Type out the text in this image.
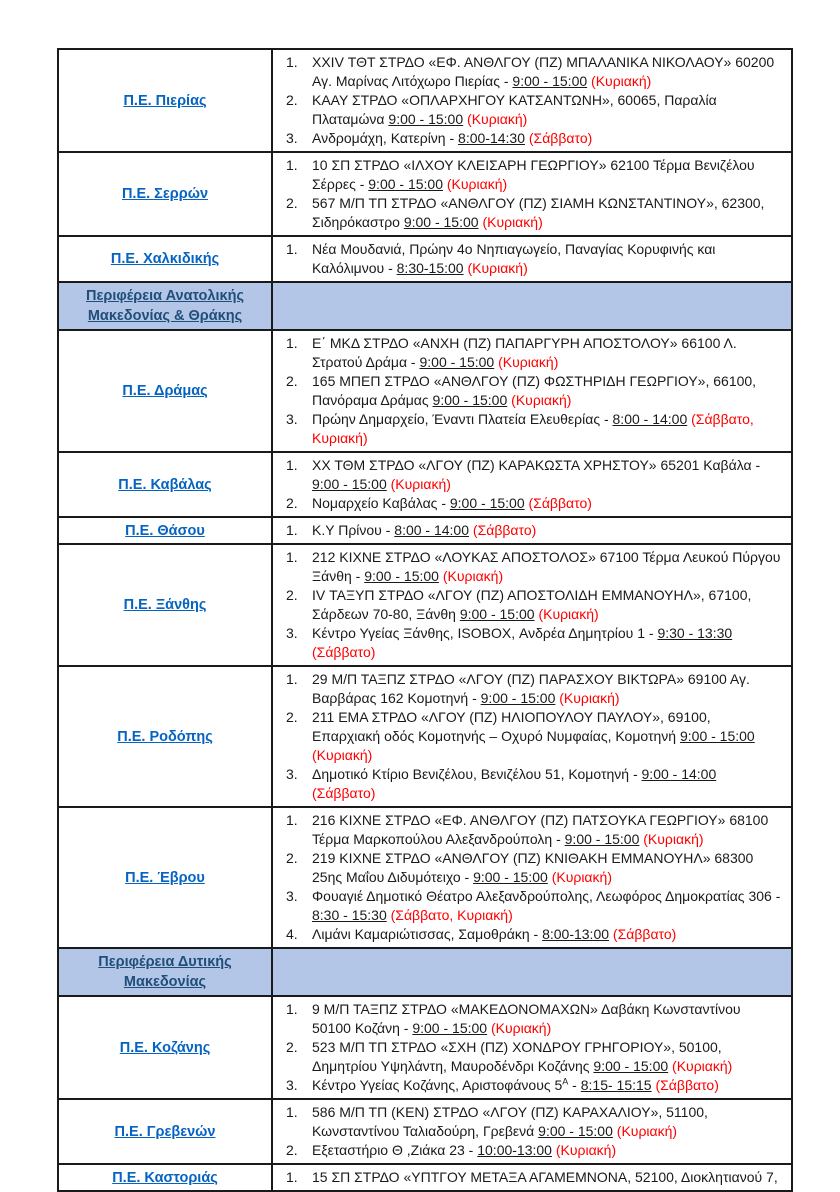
Π.Ε. Πιερίας	
XXIV ΤΘΤ ΣΤΡΔΟ «ΕΦ. ΑΝΘΛΓΟΥ (ΠΖ) ΜΠΑΛΑΝΙΚΑ ΝΙΚΟΛΑΟΥ» 60200 Αγ. Μαρίνας Λιτόχωρο Πιερίας - 9:00 - 15:00 (Κυριακή)
ΚΑΑΥ ΣΤΡΔΟ «ΟΠΛΑΡΧΗΓΟΥ ΚΑΤΣΑΝΤΩΝΗ», 60065, Παραλία Πλαταμώνα 9:00 - 15:00 (Κυριακή)
Ανδρομάχη, Κατερίνη - 8:00-14:30 (Σάββατο)

Π.Ε. Σερρών	
10 ΣΠ ΣΤΡΔΟ «ΙΛΧΟΥ ΚΛΕΙΣΑΡΗ ΓΕΩΡΓΙΟΥ» 62100 Τέρμα Βενιζέλου Σέρρες - 9:00 - 15:00 (Κυριακή)
567 Μ/Π ΤΠ ΣΤΡΔΟ «ΑΝΘΛΓΟΥ (ΠΖ) ΣΙΑΜΗ ΚΩΝΣΤΑΝΤΙΝΟΥ», 62300, Σιδηρόκαστρο 9:00 - 15:00 (Κυριακή)

Π.Ε. Χαλκιδικής	
Νέα Μουδανιά, Πρώην 4ο Νηπιαγωγείο, Παναγίας Κορυφινής και Καλόλιμνου - 8:30-15:00 (Κυριακή)

Περιφέρεια Ανατολικής Μακεδονίας & Θράκης	
Π.Ε. Δράμας	
Ε΄ ΜΚΔ ΣΤΡΔΟ «ΑΝΧΗ (ΠΖ) ΠΑΠΑΡΓΥΡΗ ΑΠΟΣΤΟΛΟΥ» 66100 Λ. Στρατού Δράμα - 9:00 - 15:00 (Κυριακή)
165 ΜΠΕΠ ΣΤΡΔΟ «ΑΝΘΛΓΟΥ (ΠΖ) ΦΩΣΤΗΡΙΔΗ ΓΕΩΡΓΙΟΥ», 66100, Πανόραμα Δράμας 9:00 - 15:00 (Κυριακή)
Πρώην Δημαρχείο, Έναντι Πλατεία Ελευθερίας - 8:00 - 14:00 (Σάββατο, Κυριακή)

Π.Ε. Καβάλας	
ΧΧ ΤΘΜ ΣΤΡΔΟ «ΛΓΟΥ (ΠΖ) ΚΑΡΑΚΩΣΤΑ ΧΡΗΣΤΟΥ» 65201 Καβάλα - 9:00 - 15:00 (Κυριακή)
Νομαρχείο Καβάλας - 9:00 - 15:00 (Σάββατο)

Π.Ε. Θάσου	Κ.Υ Πρίνου - 8:00 - 14:00 (Σάββατο)

Π.Ε. Ξάνθης	
212 ΚΙΧΝΕ ΣΤΡΔΟ «ΛΟΥΚΑΣ ΑΠΟΣΤΟΛΟΣ» 67100 Τέρμα Λευκού Πύργου Ξάνθη - 9:00 - 15:00 (Κυριακή)
IV ΤΑΞΥΠ ΣΤΡΔΟ «ΛΓΟΥ (ΠΖ) ΑΠΟΣΤΟΛΙΔΗ ΕΜΜΑΝΟΥΗΛ», 67100, Σάρδεων 70-80, Ξάνθη 9:00 - 15:00 (Κυριακή)
Κέντρο Υγείας Ξάνθης, ISOBOX, Ανδρέα Δημητρίου 1 - 9:30 - 13:30 (Σάββατο)

Π.Ε. Ροδόπης	
29 Μ/Π ΤΑΞΠΖ ΣΤΡΔΟ «ΛΓΟΥ (ΠΖ) ΠΑΡΑΣΧΟΥ ΒΙΚΤΩΡΑ» 69100 Αγ. Βαρβάρας 162 Κομοτηνή - 9:00 - 15:00 (Κυριακή)
211 ΕΜΑ ΣΤΡΔΟ «ΛΓΟΥ (ΠΖ) ΗΛΙΟΠΟΥΛΟΥ ΠΑΥΛΟΥ», 69100, Επαρχιακή οδός Κομοτηνής – Οχυρό Νυμφαίας, Κομοτηνή 9:00 - 15:00 (Κυριακή)
Δημοτικό Κτίριο Βενιζέλου, Βενιζέλου 51, Κομοτηνή - 9:00 - 14:00 (Σάββατο)

Π.Ε. Έβρου	
216 ΚΙΧΝΕ ΣΤΡΔΟ «ΕΦ. ΑΝΘΛΓΟΥ (ΠΖ) ΠΑΤΣΟΥΚΑ ΓΕΩΡΓΙΟΥ» 68100 Τέρμα Μαρκοπούλου Αλεξανδρούπολη - 9:00 - 15:00 (Κυριακή)
219 ΚΙΧΝΕ ΣΤΡΔΟ «ΑΝΘΛΓΟΥ (ΠΖ) ΚΝΙΘΑΚΗ ΕΜΜΑΝΟΥΗΛ» 68300 25ης Μαΐου Διδυμότειχο - 9:00 - 15:00 (Κυριακή)
Φουαγιέ Δημοτικό Θέατρο Αλεξανδρούπολης, Λεωφόρος Δημοκρατίας 306 - 8:30 - 15:30 (Σάββατο, Κυριακή)
Λιμάνι Καμαριώτισσας, Σαμοθράκη - 8:00-13:00 (Σάββατο)

Περιφέρεια Δυτικής Μακεδονίας	
Π.Ε. Κοζάνης	
9 Μ/Π ΤΑΞΠΖ ΣΤΡΔΟ «ΜΑΚΕΔΟΝΟΜΑΧΩΝ» Δαβάκη Κωνσταντίνου 50100 Κοζάνη - 9:00 - 15:00 (Κυριακή)
523 Μ/Π ΤΠ ΣΤΡΔΟ «ΣΧΗ (ΠΖ) ΧΟΝΔΡΟΥ ΓΡΗΓΟΡΙΟΥ», 50100, Δημητρίου Υψηλάντη, Μαυροδένδρι Κοζάνης 9:00 - 15:00 (Κυριακή)
Κέντρο Υγείας Κοζάνης, Αριστοφάνους $5^A$ - 8:15- 15:15 (Σάββατο)

Π.Ε. Γρεβενών	
586 Μ/Π ΤΠ (ΚΕΝ) ΣΤΡΔΟ «ΛΓΟΥ (ΠΖ) ΚΑΡΑΧΑΛΙΟΥ», 51100, Κωνσταντίνου Ταλιαδούρη, Γρεβενά 9:00 - 15:00 (Κυριακή)
Εξεταστήριο Θ ,Ζιάκα 23 - 10:00-13:00 (Κυριακή)

Π.Ε. Καστοριάς	15 ΣΠ ΣΤΡΔΟ «ΥΠΤΓΟΥ ΜΕΤΑΞΑ ΑΓΑΜΕΜΝΟΝΑ, 52100, Διοκλητιανού 7,
